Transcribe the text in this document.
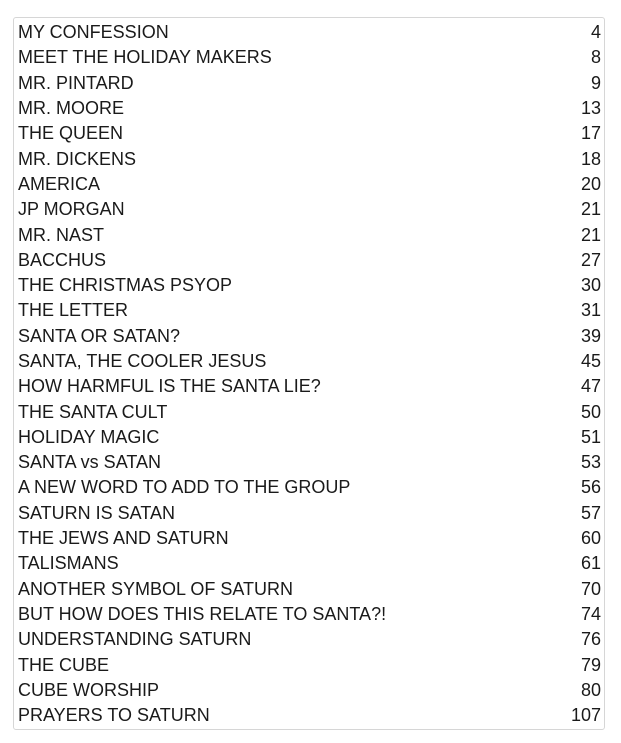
MY CONFESSION	4
MEET THE HOLIDAY MAKERS	8
MR. PINTARD	9
MR. MOORE	13
THE QUEEN	17
MR. DICKENS	18
AMERICA	20
JP MORGAN	21
MR. NAST	21
BACCHUS	27
THE CHRISTMAS PSYOP	30
THE LETTER	31
SANTA OR SATAN?	39
SANTA, THE COOLER JESUS	45
HOW HARMFUL IS THE SANTA LIE?	47
THE SANTA CULT	50
HOLIDAY MAGIC	51
SANTA vs SATAN	53
A NEW WORD TO ADD TO THE GROUP	56
SATURN IS SATAN	57
THE JEWS AND SATURN	60
TALISMANS	61
ANOTHER SYMBOL OF SATURN	70
BUT HOW DOES THIS RELATE TO SANTA?!	74
UNDERSTANDING SATURN	76
THE CUBE	79
CUBE WORSHIP	80
PRAYERS TO SATURN	107
